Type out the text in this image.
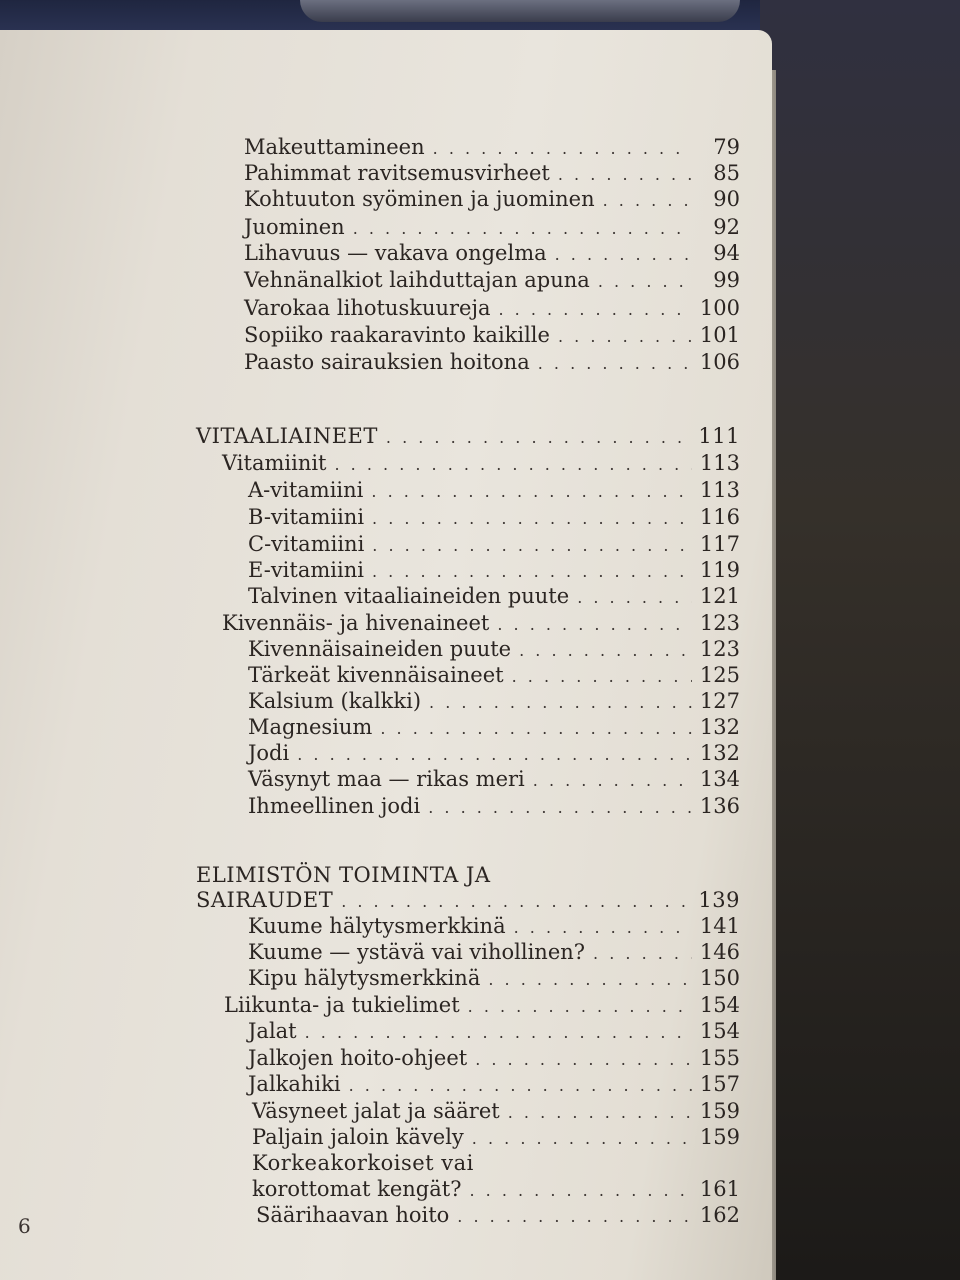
Makeuttamineen . . .	79
Pahimmat ravitsemusvirheet . . .	85
Kohtuuton syöminen ja juominen . . .	90
Juominen . . .	92
Lihavuus — vakava ongelma . . .	94
Vehnänalkiot laihduttajan apuna . . .	99
Varokaa lihotuskuureja . . .	100
Sopiiko raakaravinto kaikille . . .	101
Paasto sairauksien hoitona . . .	106
VITAALIAINEET . . .	111
Vitamiinit . . .	113
A-vitamiini . . .	113
B-vitamiini . . .	116
C-vitamiini . . .	117
E-vitamiini . . .	119
Talvinen vitaaliaineiden puute . . .	121
Kivennäis- ja hivenaineet . . .	123
Kivennäisaineiden puute . . .	123
Tärkeät kivennäisaineet . . .	125
Kalsium (kalkki) . . .	127
Magnesium . . .	132
Jodi . . .	132
Väsynyt maa — rikas meri . . .	134
Ihmeellinen jodi . . .	136
ELIMISTÖN TOIMINTA JA
SAIRAUDET . . .	139
Kuume hälytysmerkkinä . . .	141
Kuume — ystävä vai vihollinen? . . .	146
Kipu hälytysmerkkinä . . .	150
Liikunta- ja tukielimet . . .	154
Jalat . . .	154
Jalkojen hoito-ohjeet . . .	155
Jalkahiki . . .	157
Väsyneet jalat ja sääret . . .	159
Paljain jaloin kävely . . .	159
Korkeakorkoiset vai
korottomat kengät? . . .	161
Säärihaavan hoito . . .	162
6
